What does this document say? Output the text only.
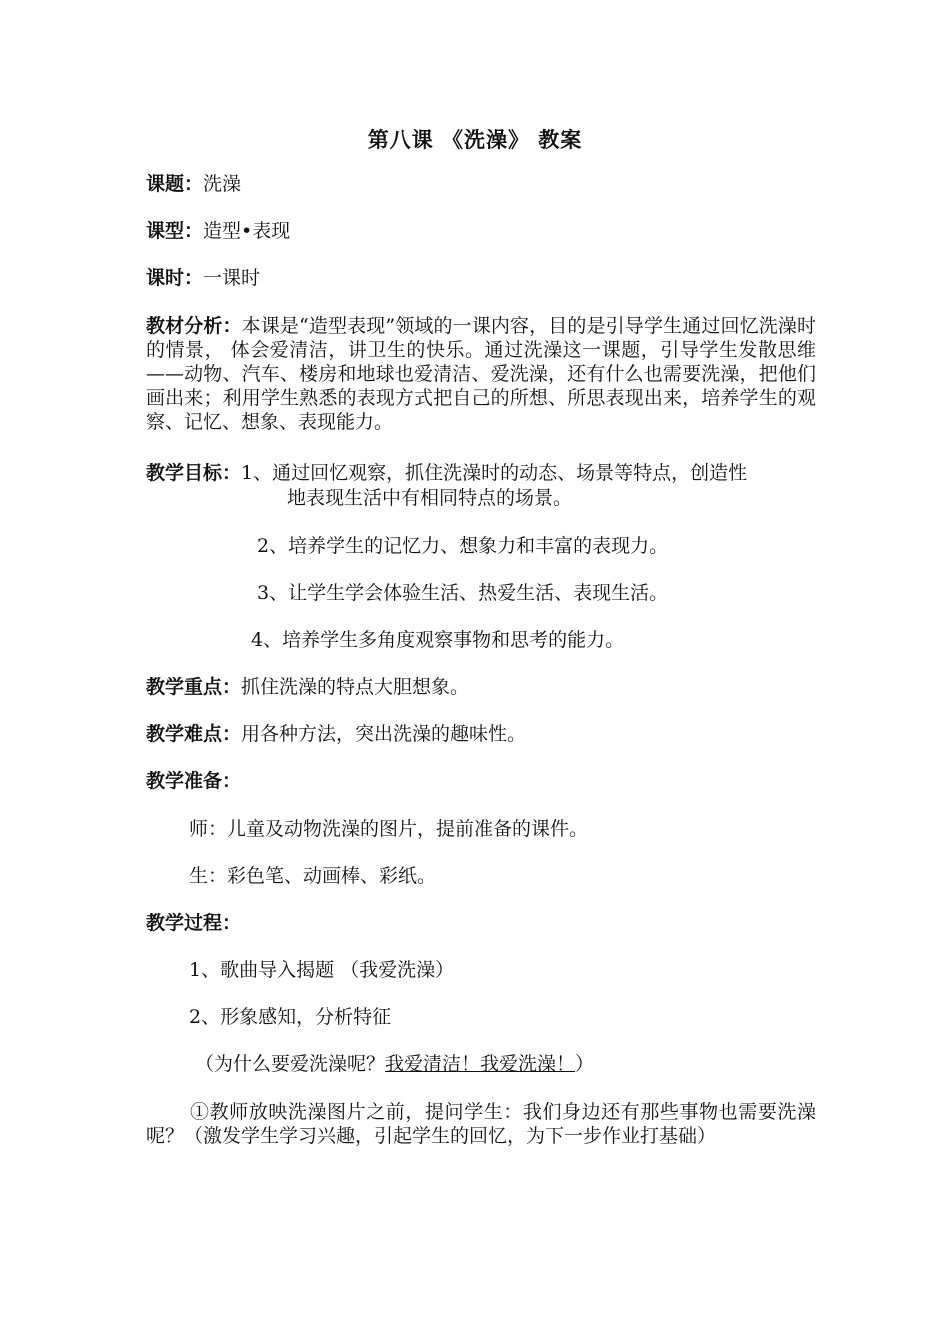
第八课 《洗澡》 教案
课题：洗澡
课型：造型•表现
课时：一课时
教材分析：本课是“造型表现”领域的一课内容，目的是引导学生通过回忆洗澡时的情景， 体会爱清洁，讲卫生的快乐。通过洗澡这一课题，引导学生发散思维——动物、汽车、楼房和地球也爱清洁、爱洗澡，还有什么也需要洗澡，把他们画出来；利用学生熟悉的表现方式把自己的所想、所思表现出来，培养学生的观察、记忆、想象、表现能力。
教学目标：1、通过回忆观察，抓住洗澡时的动态、场景等特点，创造性
地表现生活中有相同特点的场景。
2、培养学生的记忆力、想象力和丰富的表现力。
3、让学生学会体验生活、热爱生活、表现生活。
4、培养学生多角度观察事物和思考的能力。
教学重点：抓住洗澡的特点大胆想象。
教学难点：用各种方法，突出洗澡的趣味性。
教学准备：
师：儿童及动物洗澡的图片，提前准备的课件。
生：彩色笔、动画棒、彩纸。
教学过程：
1、歌曲导入揭题 （我爱洗澡）
2、形象感知，分析特征
（为什么要爱洗澡呢？我爱清洁！我爱洗澡！）
①教师放映洗澡图片之前，提问学生：我们身边还有那些事物也需要洗澡呢？（激发学生学习兴趣，引起学生的回忆，为下一步作业打基础）
